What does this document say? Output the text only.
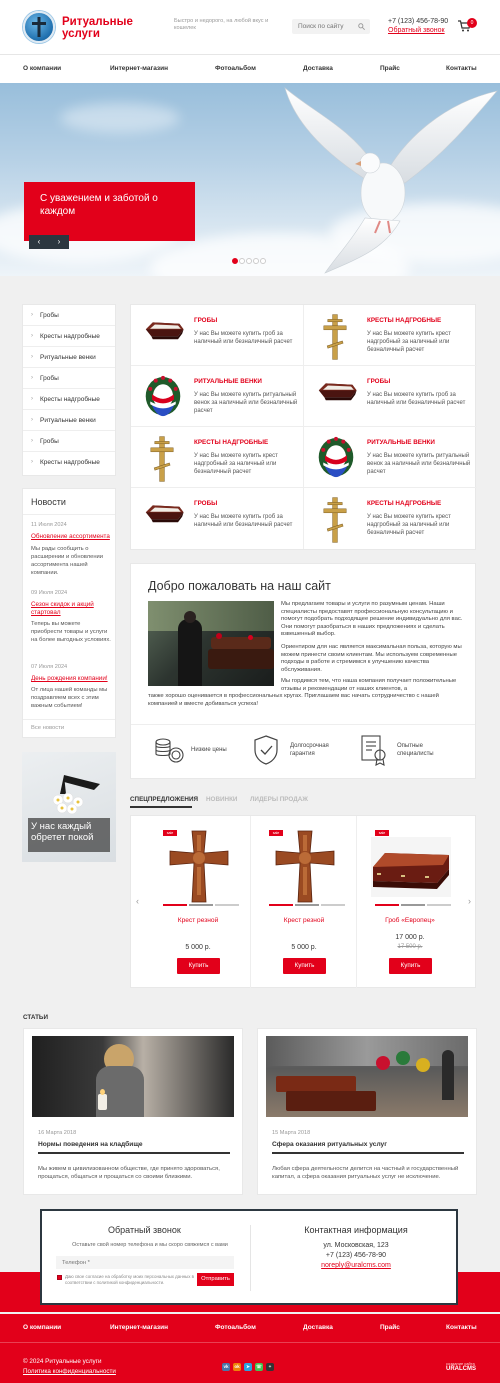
Ритуальные услуги
Быстро и недорого, на любой вкус и кошелек
Поиск по сайту
+7 (123) 456-78-90
Обратный звонок
0
О компании	Интернет-магазин	Фотоальбом	Доставка	Прайс	Контакты
С уважением и заботой о каждом
‹	›
› Гробы
› Кресты надгробные
› Ритуальные венки
› Гробы
› Кресты надгробные
› Ритуальные венки
› Гробы
› Кресты надгробные
Новости
11 Июля 2024
Обновление ассортимента
Мы рады сообщить о расширении и обновлении ассортимента нашей компании.
09 Июля 2024
Сезон скидок и акций стартовал
Теперь вы можете приобрести товары и услуги на более выгодных условиях.
07 Июля 2024
День рождения компании!
От лица нашей команды мы поздравляем всех с этим важным событием!
Все новости
У нас каждый обретет покой
ГРОБЫ
У нас Вы можете купить гроб за наличный или безналичный расчет
КРЕСТЫ НАДГРОБНЫЕ
У нас Вы можете купить крест надгробный за наличный или безналичный расчет
РИТУАЛЬНЫЕ ВЕНКИ
У нас Вы можете купить ритуальный венок за наличный или безналичный расчет
ГРОБЫ
У нас Вы можете купить гроб за наличный или безналичный расчет
КРЕСТЫ НАДГРОБНЫЕ
У нас Вы можете купить крест надгробный за наличный или безналичный расчет
РИТУАЛЬНЫЕ ВЕНКИ
У нас Вы можете купить ритуальный венок за наличный или безналичный расчет
ГРОБЫ
У нас Вы можете купить гроб за наличный или безналичный расчет
КРЕСТЫ НАДГРОБНЫЕ
У нас Вы можете купить крест надгробный за наличный или безналичный расчет
Добро пожаловать на наш сайт
Мы предлагаем товары и услуги по разумным ценам. Наши специалисты предоставят профессиональную консультацию и помогут подобрать подходящее решение индивидуально для вас. Они помогут разобраться в наших предложениях и сделать взвешенный выбор.
Ориентиром для нас является максимальная польза, которую мы можем принести своим клиентам. Мы используем современные подходы в работе и стремимся к улучшению качества обслуживания.
Мы гордимся тем, что наша компания получает положительные отзывы и рекомендации от наших клиентов, а
также хорошо оценивается в профессиональных кругах. Приглашаем вас начать сотрудничество с нашей компанией и вместе добиваться успеха!
Низкие цены
Долгосрочная гарантия
Опытные специалисты
СПЕЦПРЕДЛОЖЕНИЯ НОВИНКИ ЛИДЕРЫ ПРОДАЖ
‹	›
sale
Крест резной
5 000 р.
Купить
sale
Крест резной
5 000 р.
Купить
sale
Гроб «Европец»
17 000 р.
17 500 р.
Купить
СТАТЬИ
16 Марта 2018
Нормы поведения на кладбище
Мы живем в цивилизованном обществе, где принято здороваться, прощаться, общаться и прощаться со своими близкими.
15 Марта 2018
Сфера оказания ритуальных услуг
Любая сфера деятельности делится на частный и государственный капитал, а сфера оказания ритуальных услуг не исключение.
Обратный звонок
Оставьте свой номер телефона и мы скоро свяжемся с вами
Телефон *
Даю свое согласие на обработку моих персональных данных в соответствии с политикой конфиденциальности.	Отправить
Контактная информация
ул. Московская, 123
+7 (123) 456-78-90
noreply@uralcms.com
О компании	Интернет-магазин	Фотоальбом	Доставка	Прайс	Контакты
© 2024 Ритуальные услуги
Политика конфиденциальности
vk	ok	➤	☏	+
создание сайта
URALCMS
